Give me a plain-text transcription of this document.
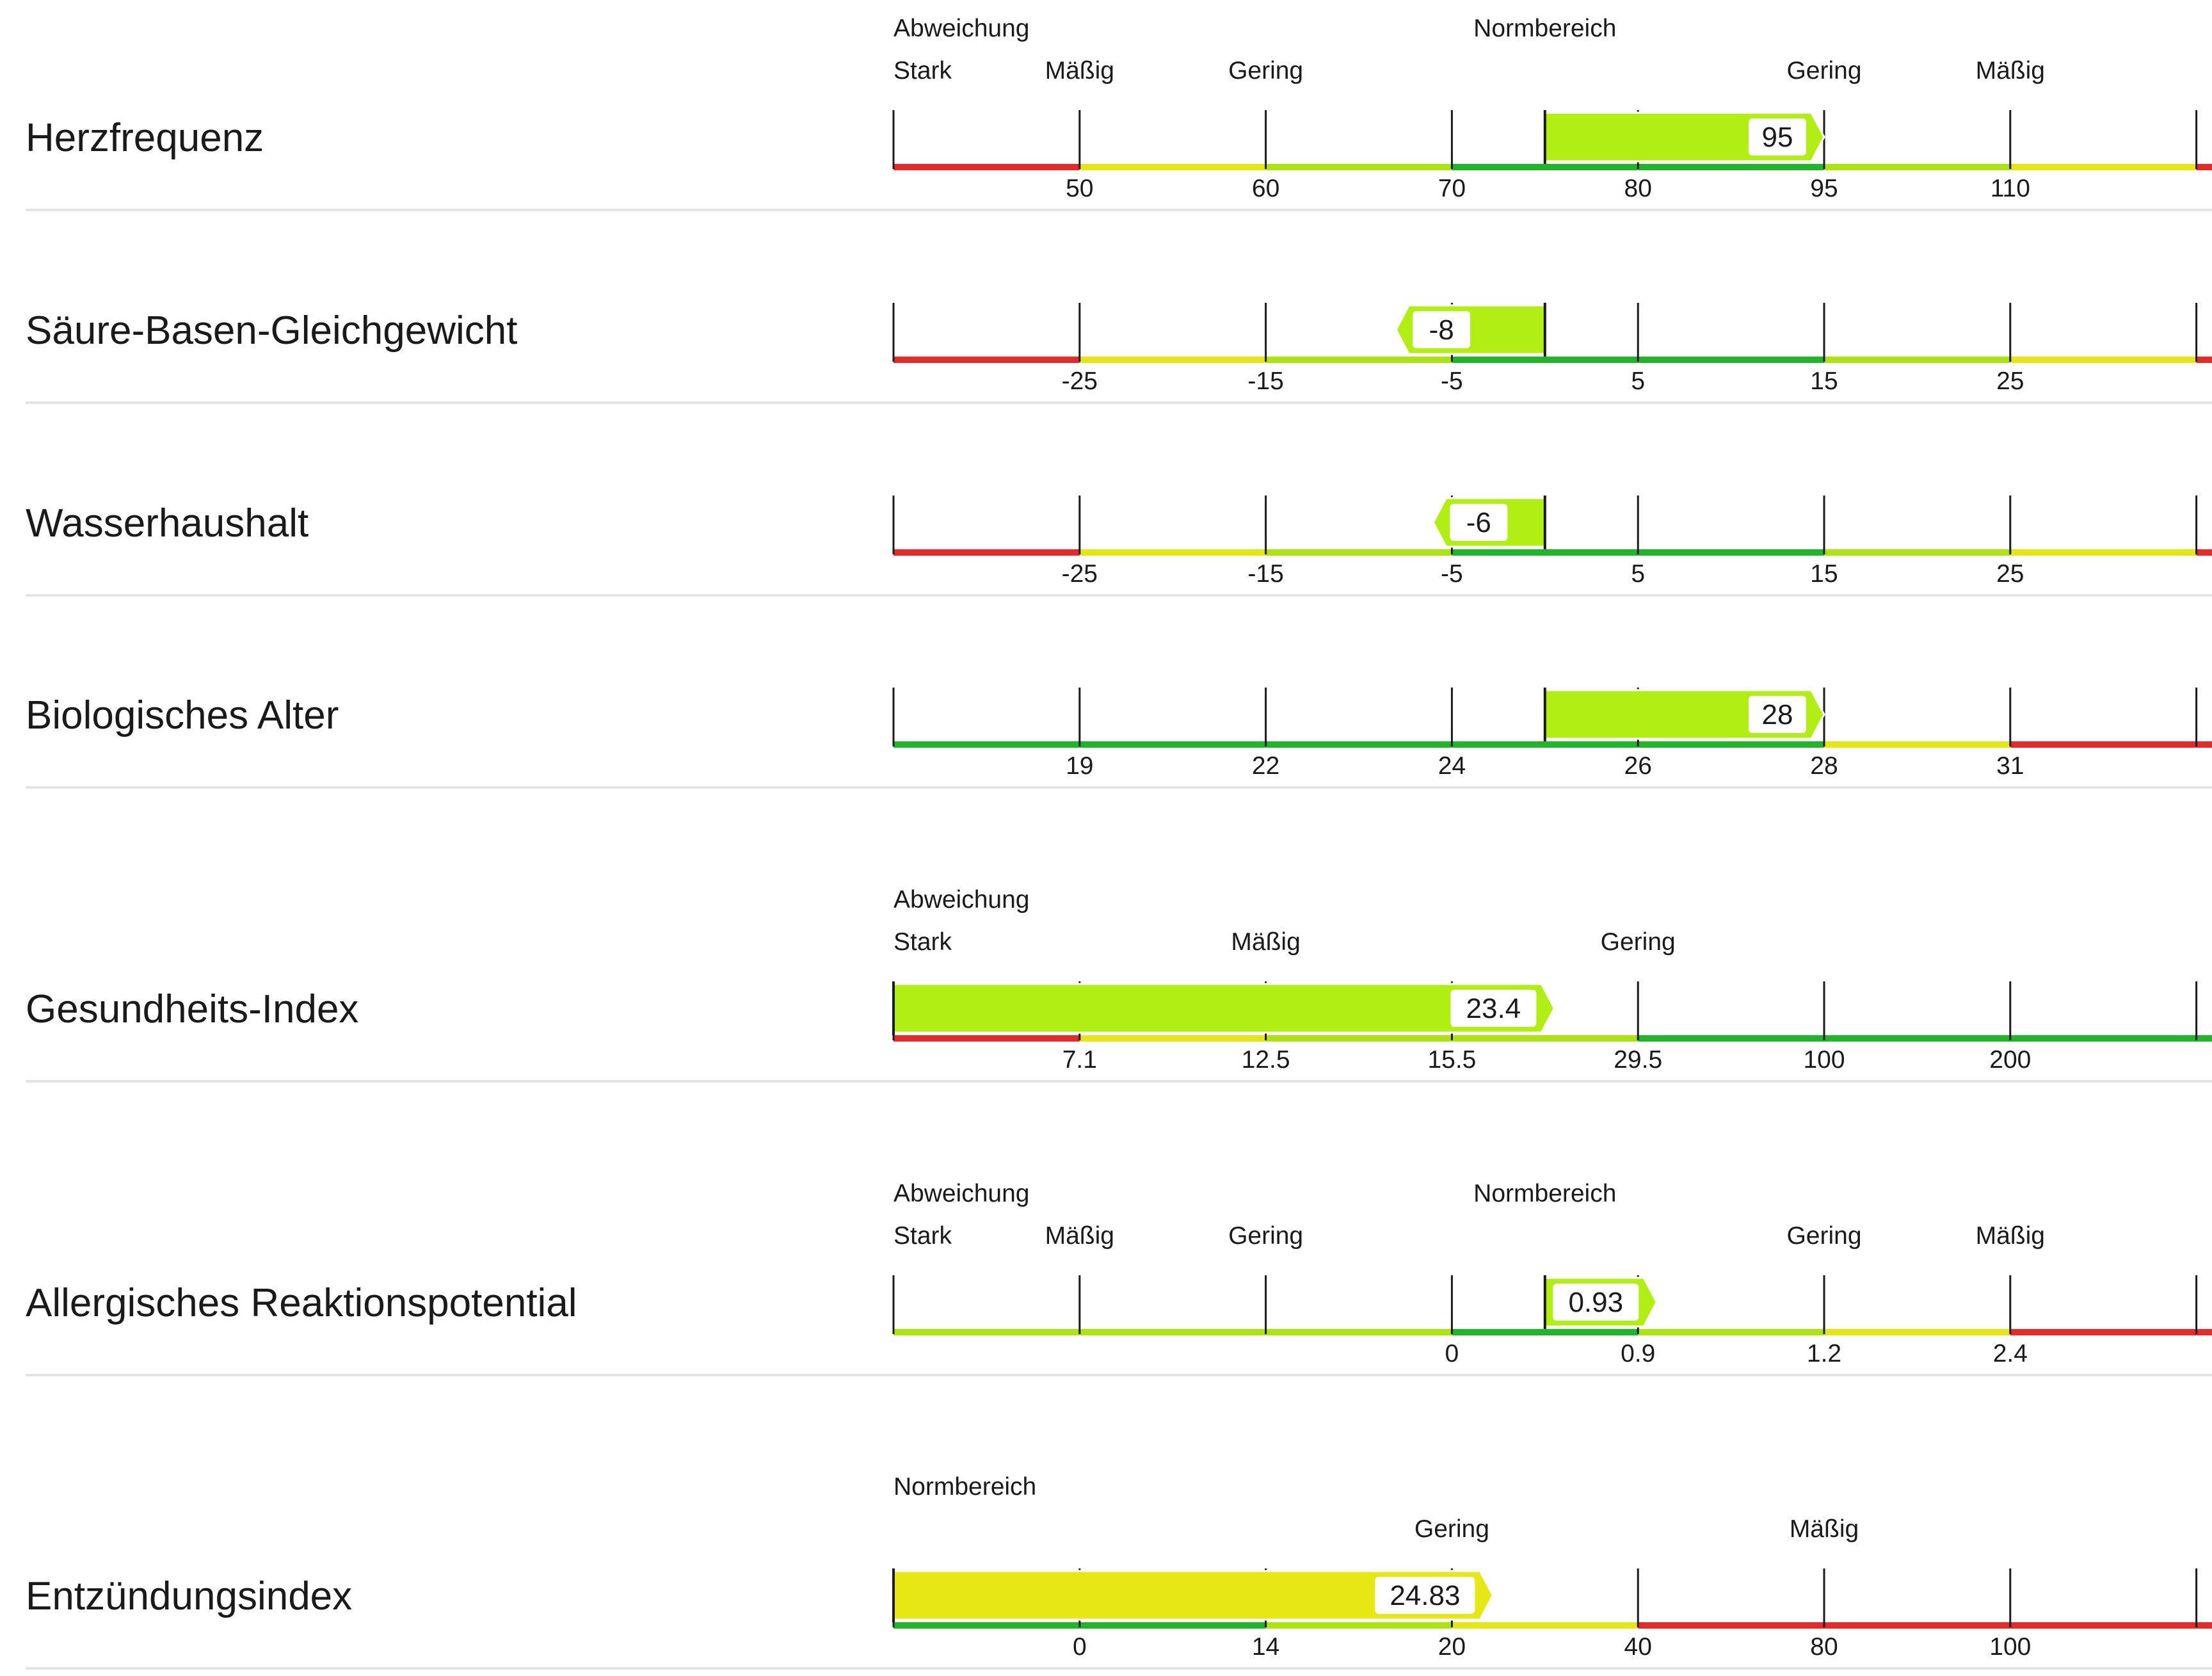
Herzfrequenz
Abweichung	Normbereich
Stark	Mäßig	Gering	Gering	Mäßig
50	60	70	80	95	110
95
Säure-Basen-Gleichgewicht
-25	-15	-5	5	15	25
-8
Wasserhaushalt
-25	-15	-5	5	15	25
-6
Biologisches Alter
19	22	24	26	28	31
28
Gesundheits-Index
Abweichung
Stark	Mäßig	Gering
7.1	12.5	15.5	29.5	100	200
23.4
Allergisches Reaktionspotential
Abweichung	Normbereich
Stark	Mäßig	Gering	Gering	Mäßig
0	0.9	1.2	2.4
0.93
Entzündungsindex
Normbereich
Gering	Mäßig
0	14	20	40	80	100
24.83
